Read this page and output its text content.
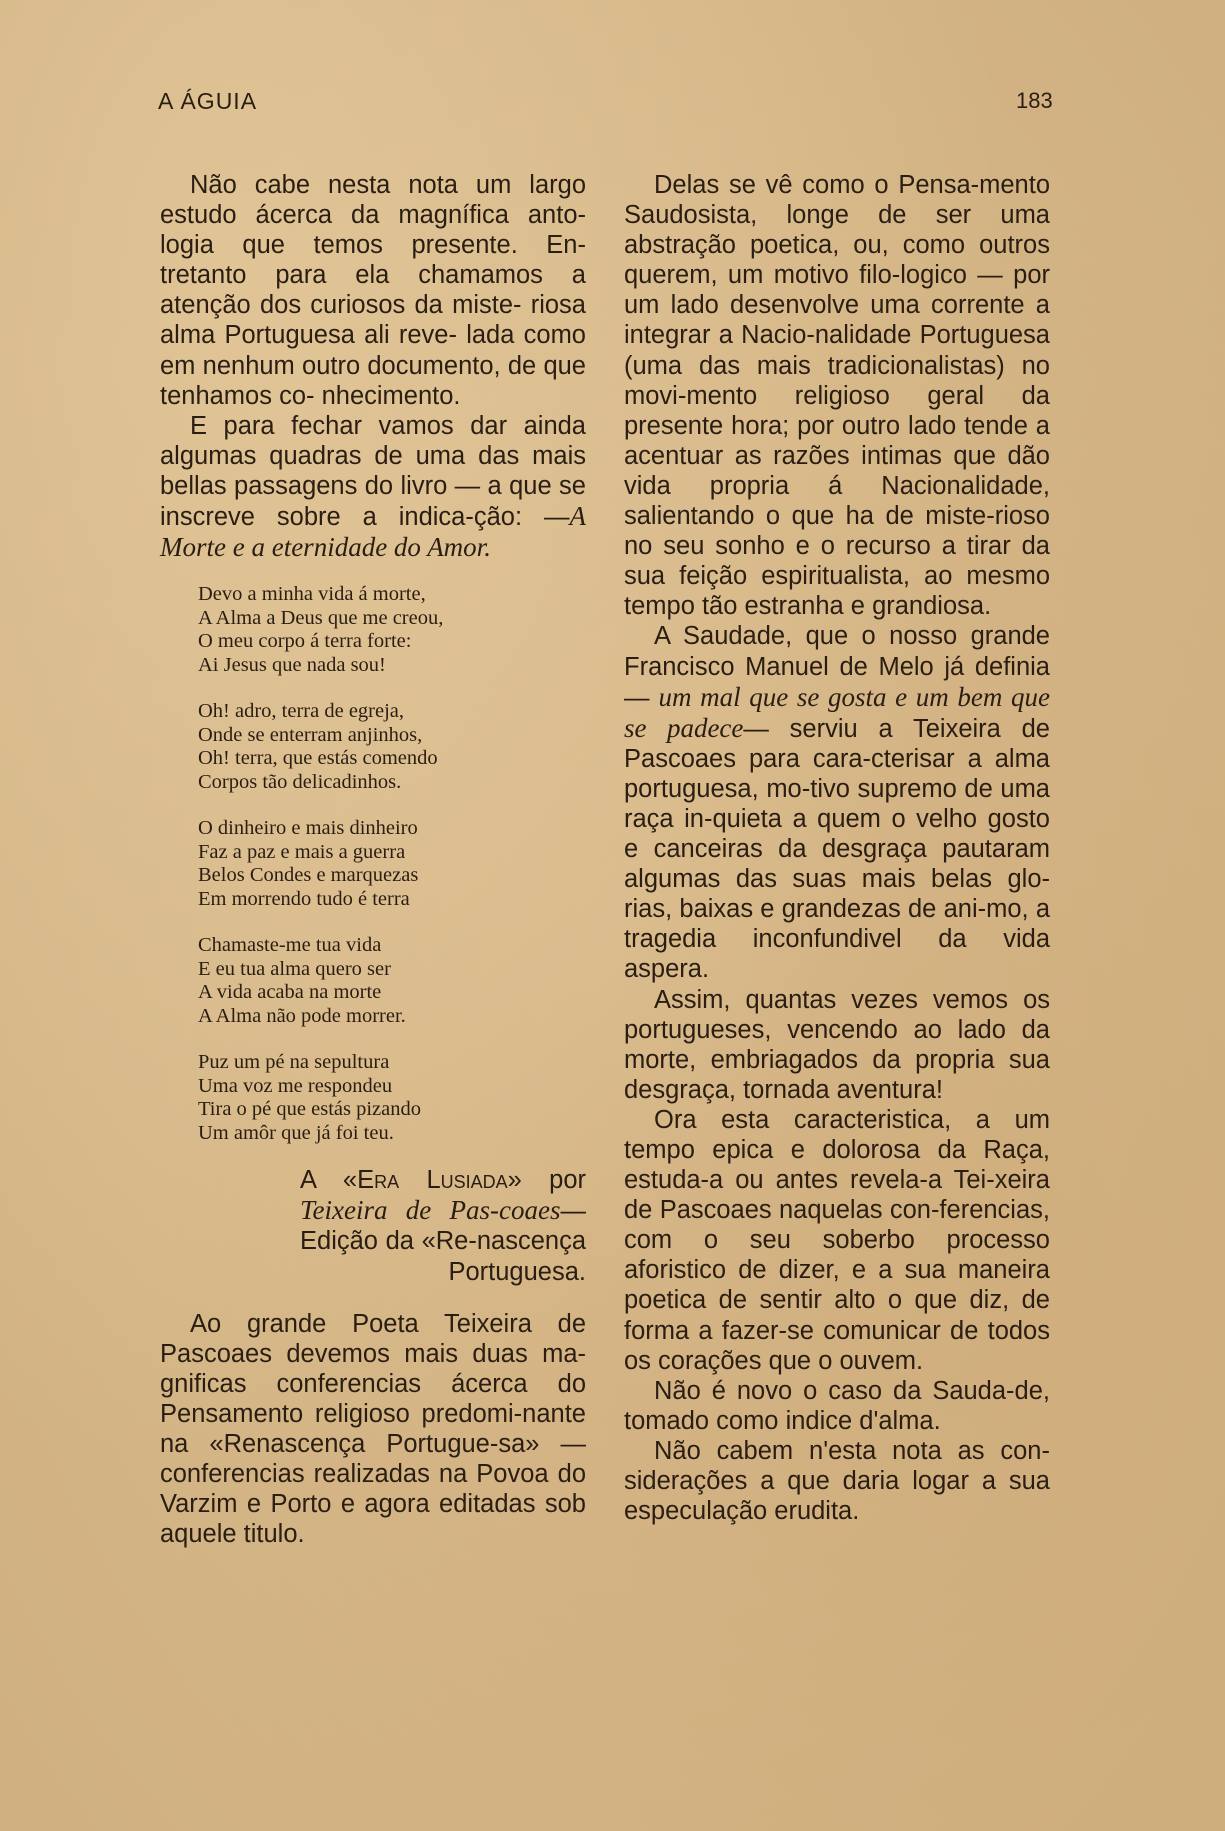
A ÁGUIA	183

Não cabe nesta nota um largo estudo ácerca da magnífica anto- logia que temos presente. En- tretanto para ela chamamos a atenção dos curiosos da miste- riosa alma Portuguesa ali reve- lada como em nenhum outro documento, de que tenhamos co- nhecimento.

E para fechar vamos dar ainda algumas quadras de uma das mais bellas passagens do livro — a que se inscreve sobre a indica-ção: —A Morte e a eternidade do Amor.

Devo a minha vida á morte,
A Alma a Deus que me creou,
O meu corpo á terra forte:
Ai Jesus que nada sou!
Oh! adro, terra de egreja,
Onde se enterram anjinhos,
Oh! terra, que estás comendo
Corpos tão delicadinhos.
O dinheiro e mais dinheiro
Faz a paz e mais a guerra
Belos Condes e marquezas
Em morrendo tudo é terra
Chamaste-me tua vida
E eu tua alma quero ser
A vida acaba na morte
A Alma não pode morrer.
Puz um pé na sepultura
Uma voz me respondeu
Tira o pé que estás pizando
Um amôr que já foi teu.
A «Era Lusiada» por Teixeira de Pas-coaes—Edição da «Re-nascença Portuguesa.

Ao grande Poeta Teixeira de Pascoaes devemos mais duas ma-gnificas conferencias ácerca do Pensamento religioso predomi-nante na «Renascença Portugue-sa» — conferencias realizadas na Povoa do Varzim e Porto e agora editadas sob aquele titulo.

Delas se vê como o Pensa-mento Saudosista, longe de ser uma abstração poetica, ou, como outros querem, um motivo filo-logico — por um lado desenvolve uma corrente a integrar a Nacio-nalidade Portuguesa (uma das mais tradicionalistas) no movi-mento religioso geral da presente hora; por outro lado tende a acentuar as razões intimas que dão vida propria á Nacionalidade, salientando o que ha de miste-rioso no seu sonho e o recurso a tirar da sua feição espiritualista, ao mesmo tempo tão estranha e grandiosa.

A Saudade, que o nosso grande Francisco Manuel de Melo já definia — um mal que se gosta e um bem que se padece— serviu a Teixeira de Pascoaes para cara-cterisar a alma portuguesa, mo-tivo supremo de uma raça in-quieta a quem o velho gosto e canceiras da desgraça pautaram algumas das suas mais belas glo-rias, baixas e grandezas de ani-mo, a tragedia inconfundivel da vida aspera.

Assim, quantas vezes vemos os portugueses, vencendo ao lado da morte, embriagados da propria sua desgraça, tornada aventura!

Ora esta caracteristica, a um tempo epica e dolorosa da Raça, estuda-a ou antes revela-a Tei-xeira de Pascoaes naquelas con-ferencias, com o seu soberbo processo aforistico de dizer, e a sua maneira poetica de sentir alto o que diz, de forma a fazer-se comunicar de todos os corações que o ouvem.

Não é novo o caso da Sauda-de, tomado como indice d'alma.

Não cabem n'esta nota as con-siderações a que daria logar a sua especulação erudita.
